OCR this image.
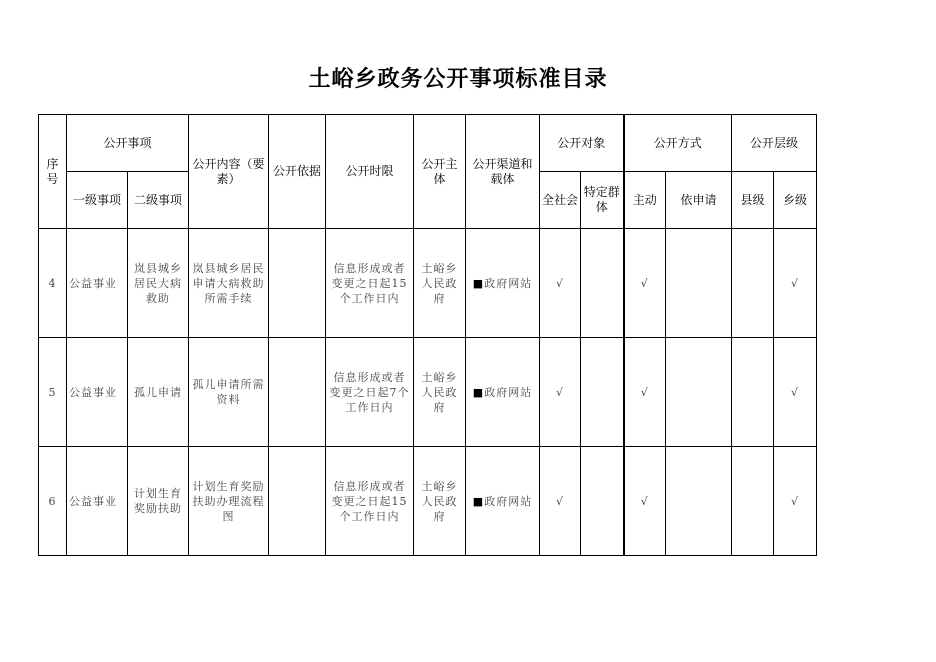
土峪乡政务公开事项标准目录
序号	公开事项		公开内容（要素）	公开依据	公开时限	公开主体	公开渠道和载体	公开对象		公开方式		公开层级	
	一级事项	二级事项						全社会	特定群体	主动	依申请	县级	乡级
4	公益事业	岚县城乡居民大病救助	岚县城乡居民申请大病救助所需手续		信息形成或者变更之日起15个工作日内	土峪乡人民政府	■政府网站	√		√			√
5	公益事业	孤儿申请	孤儿申请所需资料		信息形成或者变更之日起7个工作日内	土峪乡人民政府	■政府网站	√		√			√
6	公益事业	计划生育奖励扶助	计划生育奖励扶助办理流程图		信息形成或者变更之日起15个工作日内	土峪乡人民政府	■政府网站	√		√			√
